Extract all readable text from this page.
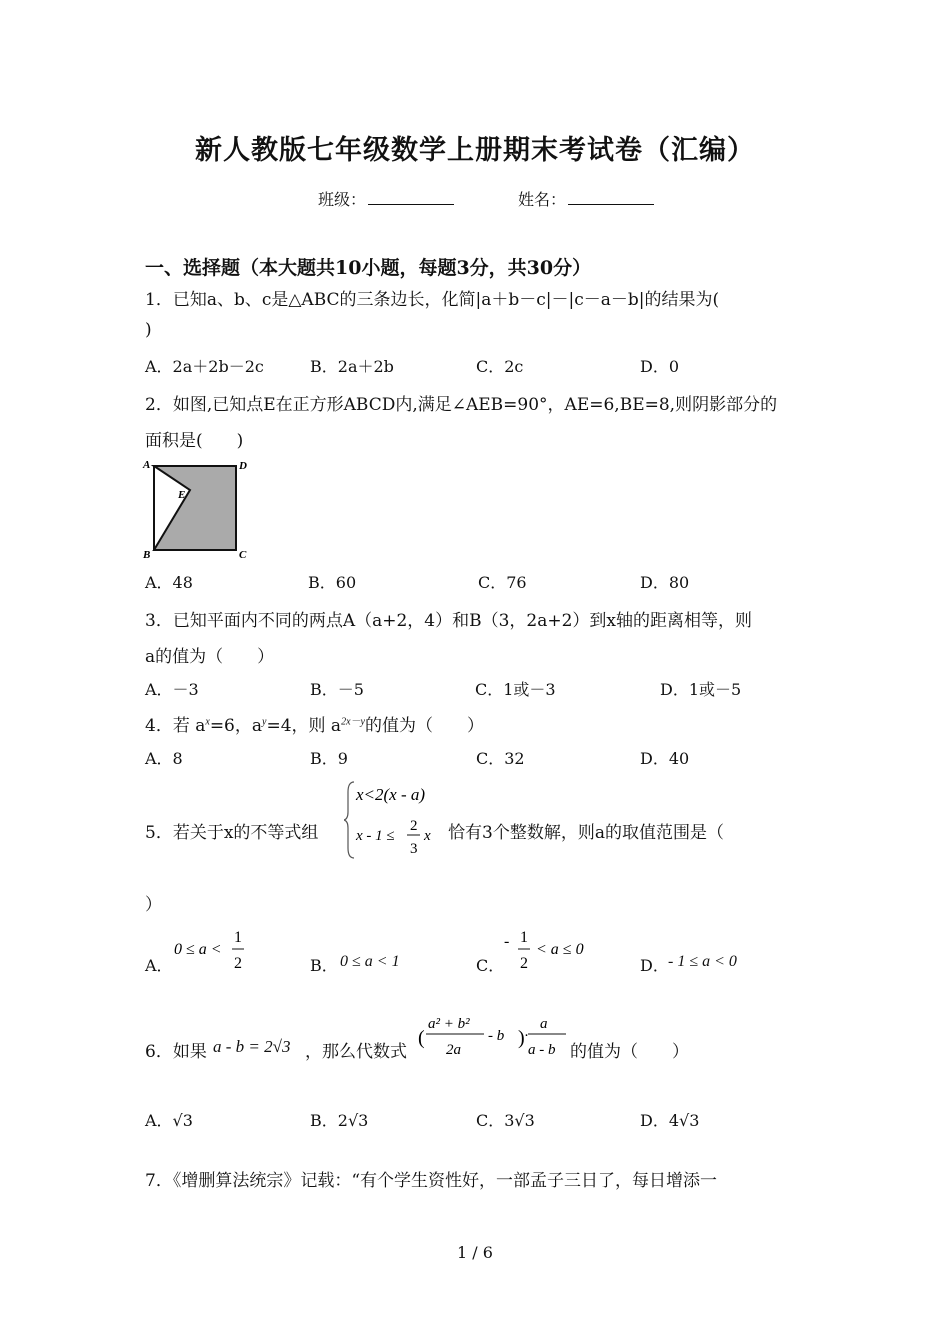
新人教版七年级数学上册期末考试卷（汇编）
班级：	姓名：
一、选择题（本大题共10小题，每题3分，共30分）
1．已知a、b、c是△ABC的三条边长，化简|a＋b－c|－|c－a－b|的结果为(
)
A．2a＋2b－2c	B．2a＋2b	C．2c	D．0
2．如图,已知点E在正方形ABCD内,满足∠AEB=90°，AE=6,BE=8,则阴影部分的
面积是(　　)
A	D
E
B	C
A．48	B．60	C．76	D．80
3．已知平面内不同的两点A（a+2，4）和B（3，2a+2）到x轴的距离相等，则
a的值为（　　）
A．－3	B．－5	C．1或－3	D．1或－5
4．若 $a^x=6$，$a^y=4$，则 $a^{2x-y}$的值为（　　）
A．8	B．9	C．32	D．40
5．若关于x的不等式组
x<2(x - a)
x - 1 ≤
2
3
x 恰有3个整数解，则a的取值范围是（
）
A．
0 ≤ a <
1
2	B． 0 ≤ a < 1	C．
- 1
2
< a ≤ 0
D． - 1 ≤ a < 0
6．如果 a - b = 2√3 ，那么代数式
(
a² + b²
2a
- b ) ·
a
a - b 的值为（　　）
A．√3	B．2√3	C．3√3	D．4√3
7．《增删算法统宗》记载：“有个学生资性好，一部孟子三日了，每日增添一
1 / 6
